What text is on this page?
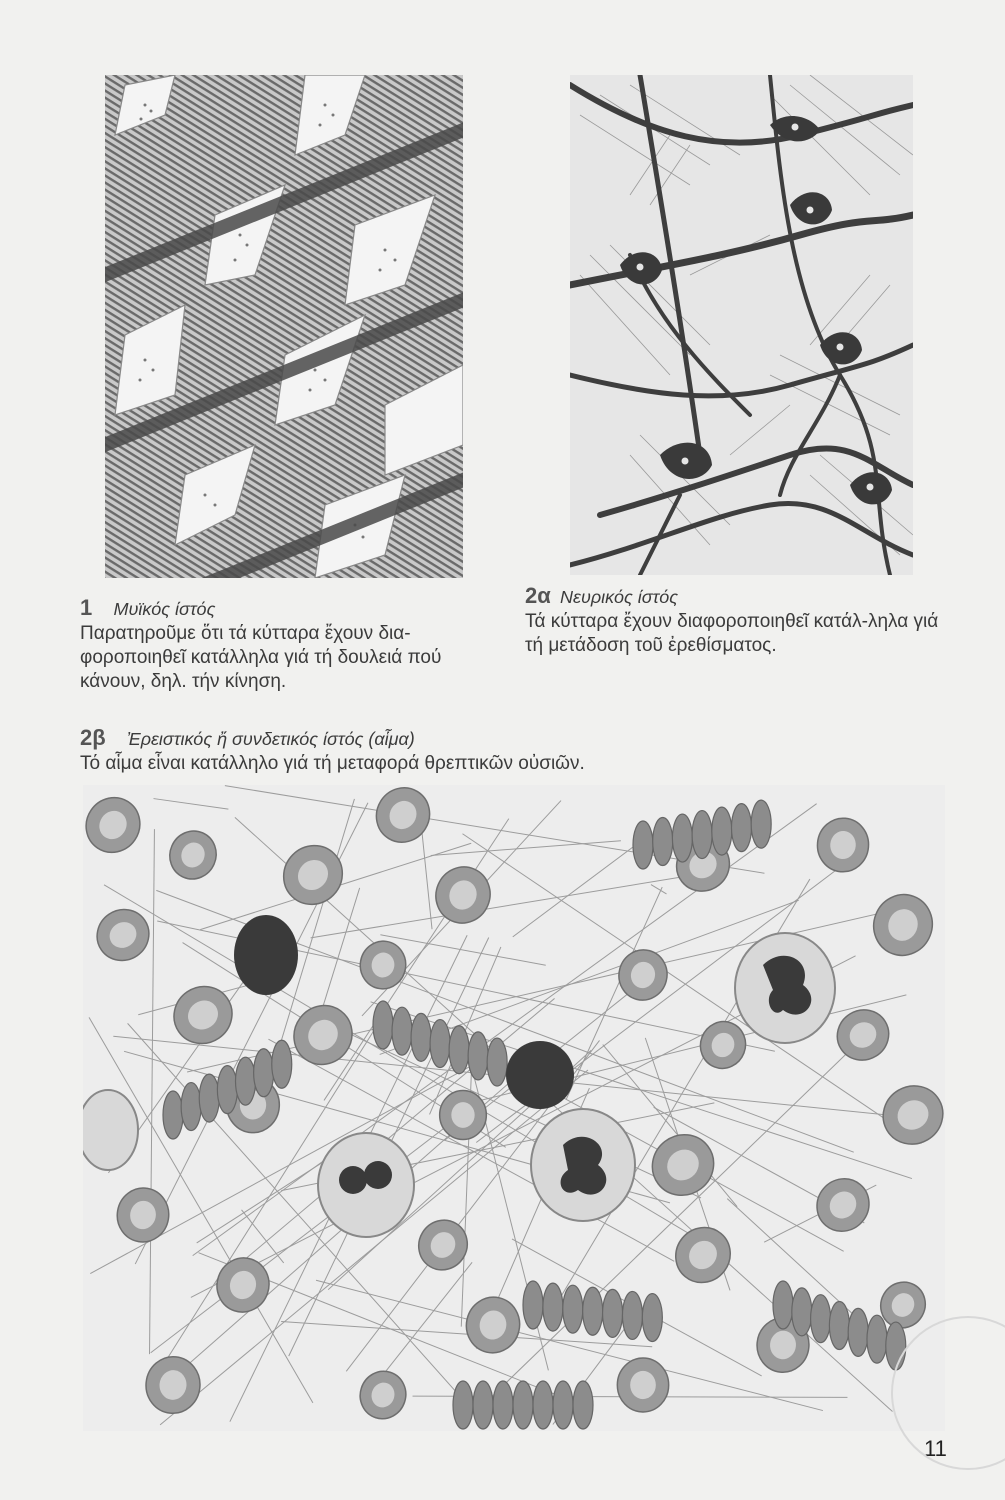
1 Μυϊκός ίστός

Παρατηροῦμε ὅτι τά κύτταρα ἔχουν δια-φοροποιηθεῖ κατάλληλα γιά τή δουλειά πού κάνουν, δηλ. τήν κίνηση.

2α Νευρικός ίστός

Τά κύτταρα ἔχουν διαφοροποιηθεῖ κατάλ-ληλα γιά τή μετάδοση τοῦ ἐρεθίσματος.

2β Ἐρειστικός ἤ συνδετικός ίστός (αἷμα)

Τό αἷμα εἶναι κατάλληλο γιά τή μεταφορά θρεπτικῶν οὐσιῶν.

11
